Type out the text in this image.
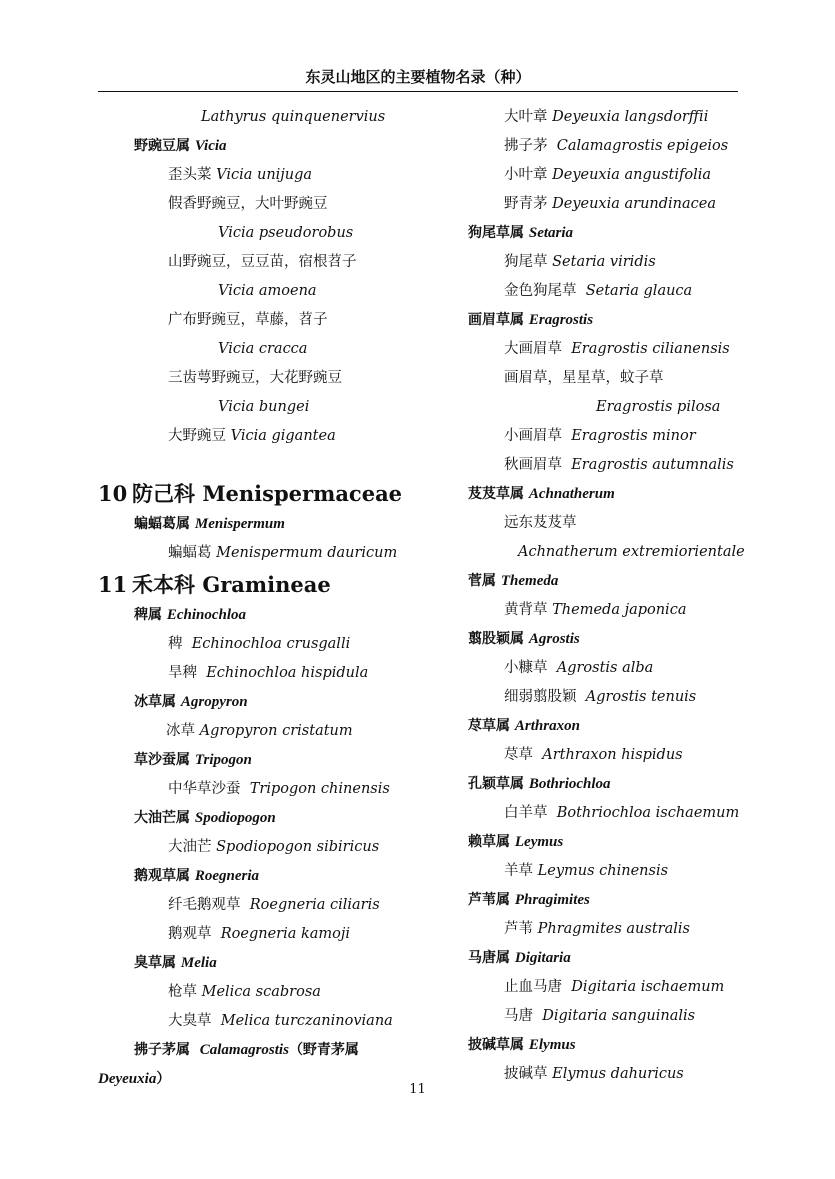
东灵山地区的主要植物名录（种）
Lathyrus quinquenervius
野豌豆属 Vicia
歪头菜 Vicia unijuga
假香野豌豆，大叶野豌豆
Vicia pseudorobus
山野豌豆，豆豆苗，宿根苕子
Vicia amoena
广布野豌豆，草藤，苕子
Vicia cracca
三齿萼野豌豆，大花野豌豆
Vicia bungei
大野豌豆 Vicia gigantea
10 防己科 Menispermaceae
蝙蝠葛属 Menispermum
蝙蝠葛 Menispermum dauricum
11 禾本科 Gramineae
稗属 Echinochloa
稗 Echinochloa crusgalli
旱稗 Echinochloa hispidula
冰草属 Agropyron
冰草 Agropyron cristatum
草沙蚕属 Tripogon
中华草沙蚕 Tripogon chinensis
大油芒属 Spodiopogon
大油芒 Spodiopogon sibiricus
鹅观草属 Roegneria
纤毛鹅观草 Roegneria ciliaris
鹅观草 Roegneria kamoji
臭草属 Melia
枪草 Melica scabrosa
大臭草 Melica turczaninoviana
拂子茅属 Calamagrostis（野青茅属
Deyeuxia）
大叶章 Deyeuxia langsdorffii
拂子茅 Calamagrostis epigeios
小叶章 Deyeuxia angustifolia
野青茅 Deyeuxia arundinacea
狗尾草属 Setaria
狗尾草 Setaria viridis
金色狗尾草 Setaria glauca
画眉草属 Eragrostis
大画眉草 Eragrostis cilianensis
画眉草，星星草，蚊子草
Eragrostis pilosa
小画眉草 Eragrostis minor
秋画眉草 Eragrostis autumnalis
芨芨草属 Achnatherum
远东芨芨草
Achnatherum extremiorientale
菅属 Themeda
黄背草 Themeda japonica
翦股颖属 Agrostis
小糠草 Agrostis alba
细弱翦股颖 Agrostis tenuis
荩草属 Arthraxon
荩草 Arthraxon hispidus
孔颖草属 Bothriochloa
白羊草 Bothriochloa ischaemum
赖草属 Leymus
羊草 Leymus chinensis
芦苇属 Phragimites
芦苇 Phragmites australis
马唐属 Digitaria
止血马唐 Digitaria ischaemum
马唐 Digitaria sanguinalis
披碱草属 Elymus
披碱草 Elymus dahuricus
11
